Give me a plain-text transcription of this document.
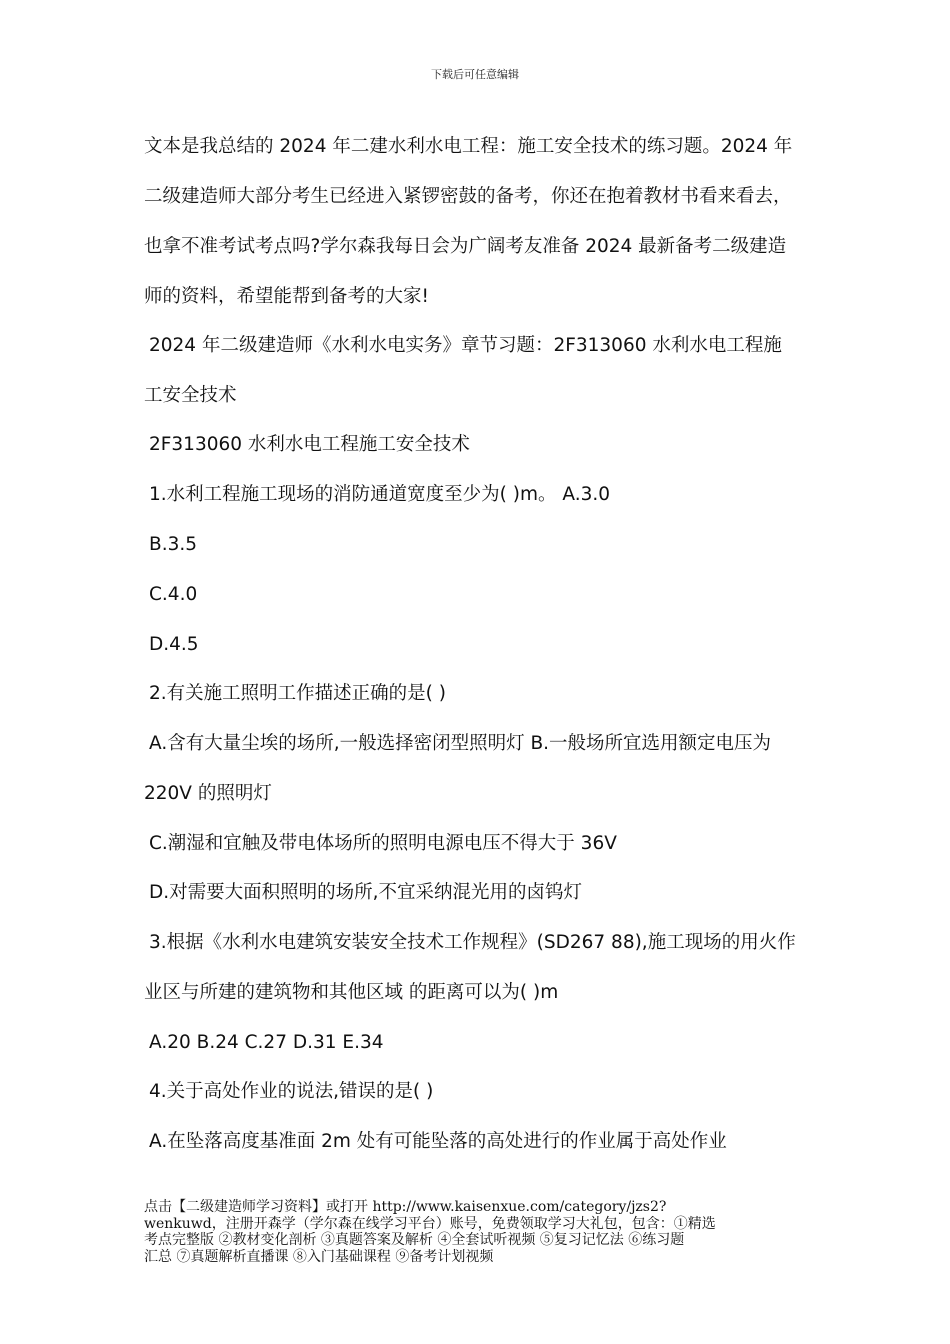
下载后可任意编辑
文本是我总结的 2024 年二建水利水电工程：施工安全技术的练习题。2024 年
二级建造师大部分考生已经进入紧锣密鼓的备考，你还在抱着教材书看来看去，
也拿不准考试考点吗?学尔森我每日会为广阔考友准备 2024 最新备考二级建造
师的资料，希望能帮到备考的大家!
2024 年二级建造师《水利水电实务》章节习题：2F313060 水利水电工程施
工安全技术
2F313060 水利水电工程施工安全技术
1.水利工程施工现场的消防通道宽度至少为( )m。 A.3.0
B.3.5
C.4.0
D.4.5
2.有关施工照明工作描述正确的是( )
A.含有大量尘埃的场所,一般选择密闭型照明灯 B.一般场所宜选用额定电压为
220V 的照明灯
C.潮湿和宜触及带电体场所的照明电源电压不得大于 36V
D.对需要大面积照明的场所,不宜采纳混光用的卤钨灯
3.根据《水利水电建筑安装安全技术工作规程》(SD267 88),施工现场的用火作
业区与所建的建筑物和其他区域 的距离可以为( )m
A.20 B.24 C.27 D.31 E.34
4.关于高处作业的说法,错误的是( )
A.在坠落高度基准面 2m 处有可能坠落的高处进行的作业属于高处作业
点击【二级建造师学习资料】或打开 http://www.kaisenxue.com/category/jzs2?
wenkuwd，注册开森学（学尔森在线学习平台）账号，免费领取学习大礼包，包含：①精选
考点完整版 ②教材变化剖析 ③真题答案及解析 ④全套试听视频 ⑤复习记忆法 ⑥练习题
汇总 ⑦真题解析直播课 ⑧入门基础课程 ⑨备考计划视频
